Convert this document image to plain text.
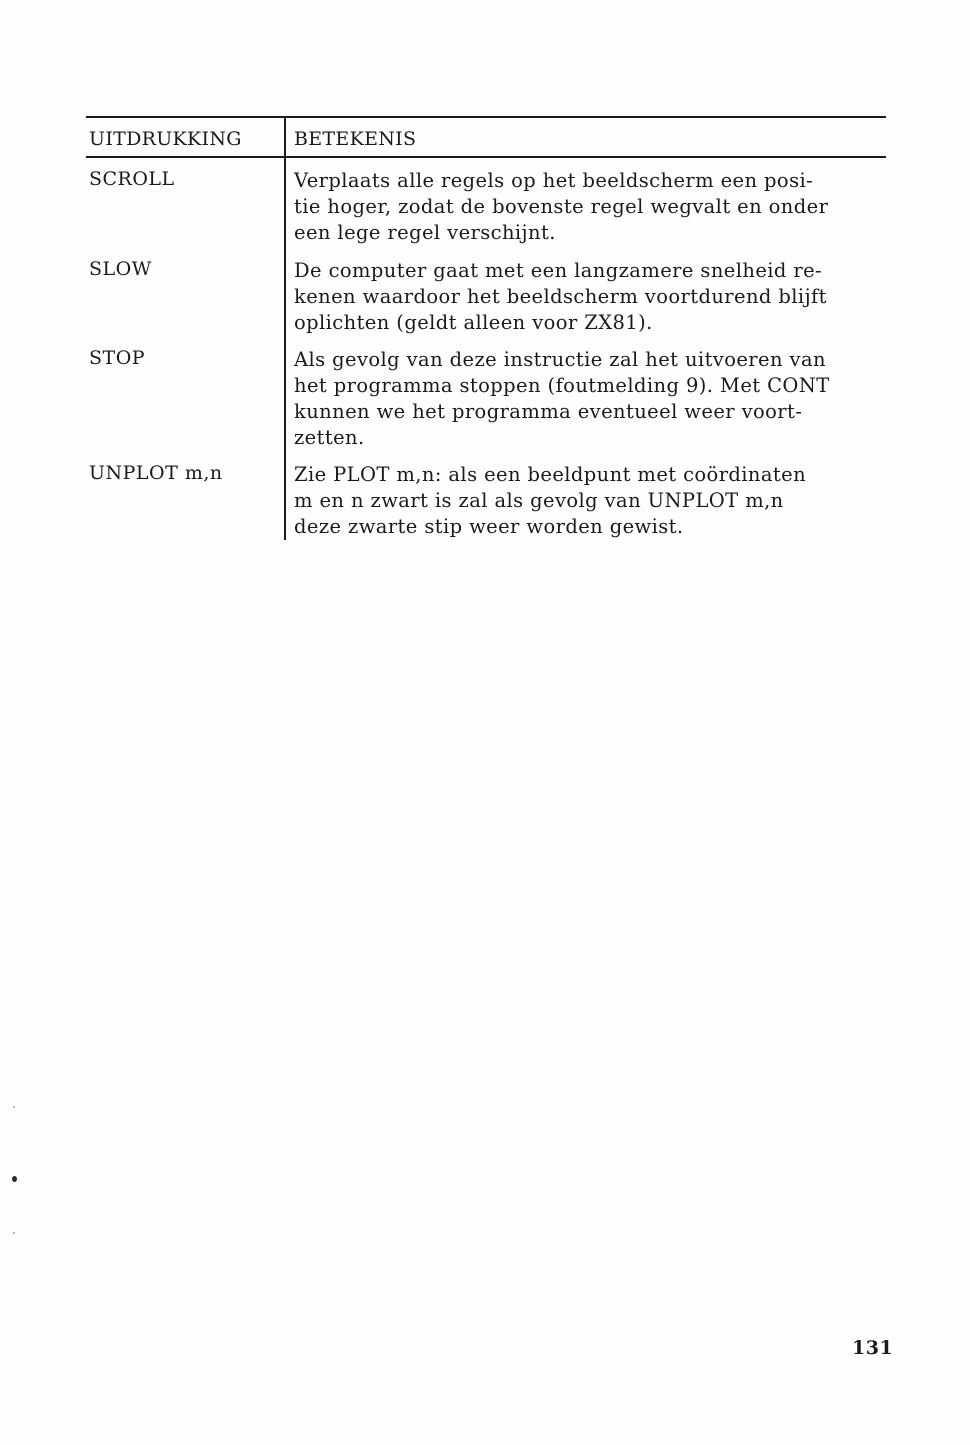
UITDRUKKING	BETEKENIS
SCROLL	Verplaats alle regels op het beeldscherm een posi-
tie hoger, zodat de bovenste regel wegvalt en onder
een lege regel verschijnt.
SLOW	De computer gaat met een langzamere snelheid re-
kenen waardoor het beeldscherm voortdurend blijft
oplichten (geldt alleen voor ZX81).
STOP	Als gevolg van deze instructie zal het uitvoeren van
het programma stoppen (foutmelding 9). Met CONT
kunnen we het programma eventueel weer voort-
zetten.
UNPLOT m,n	Zie PLOT m,n: als een beeldpunt met coördinaten
m en n zwart is zal als gevolg van UNPLOT m,n
deze zwarte stip weer worden gewist.
131
